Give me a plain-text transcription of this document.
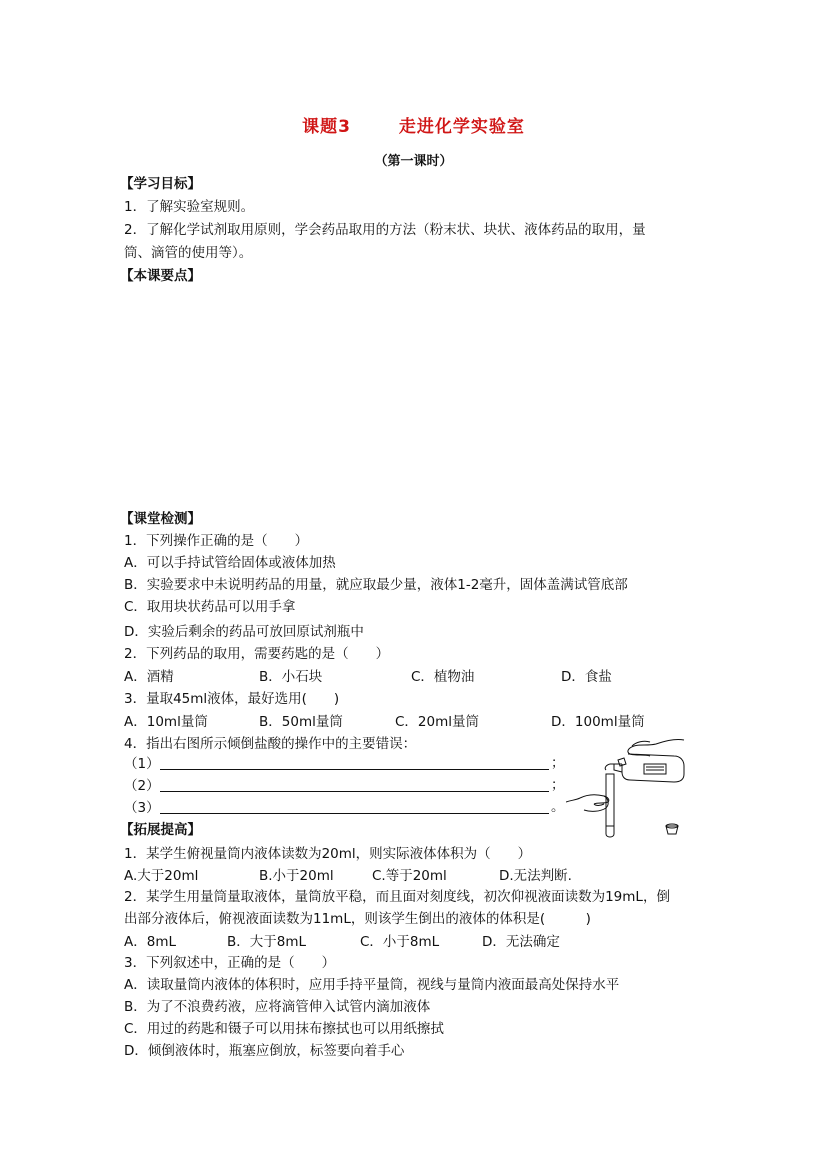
课题3	走进化学实验室
（第一课时）
【学习目标】
1．了解实验室规则。
2．了解化学试剂取用原则，学会药品取用的方法（粉末状、块状、液体药品的取用，量
筒、滴管的使用等）。
【本课要点】
【课堂检测】
1．下列操作正确的是（　　）
A．可以手持试管给固体或液体加热
B．实验要求中未说明药品的用量，就应取最少量，液体1-2毫升，固体盖满试管底部
C．取用块状药品可以用手拿
D．实验后剩余的药品可放回原试剂瓶中
2．下列药品的取用，需要药匙的是（　　）
A．酒精	B．小石块	C．植物油	D．食盐
3．量取45ml液体，最好选用(　　)
A．10ml量筒	B．50ml量筒	C．20ml量筒	D．100ml量筒
4．指出右图所示倾倒盐酸的操作中的主要错误：
（1）	；
（2）	；
（3）	。
【拓展提高】
1．某学生俯视量筒内液体读数为20ml，则实际液体体积为（　　）
A.大于20ml	B.小于20ml	C.等于20ml	D.无法判断.
2．某学生用量筒量取液体，量筒放平稳，而且面对刻度线，初次仰视液面读数为19mL，倒
出部分液体后，俯视液面读数为11mL，则该学生倒出的液体的体积是(　　　)
A．8mL	B．大于8mL	C．小于8mL	D．无法确定
3．下列叙述中，正确的是（　　）
A．读取量筒内液体的体积时，应用手持平量筒，视线与量筒内液面最高处保持水平
B．为了不浪费药液，应将滴管伸入试管内滴加液体
C．用过的药匙和镊子可以用抹布擦拭也可以用纸擦拭
D．倾倒液体时，瓶塞应倒放，标签要向着手心
